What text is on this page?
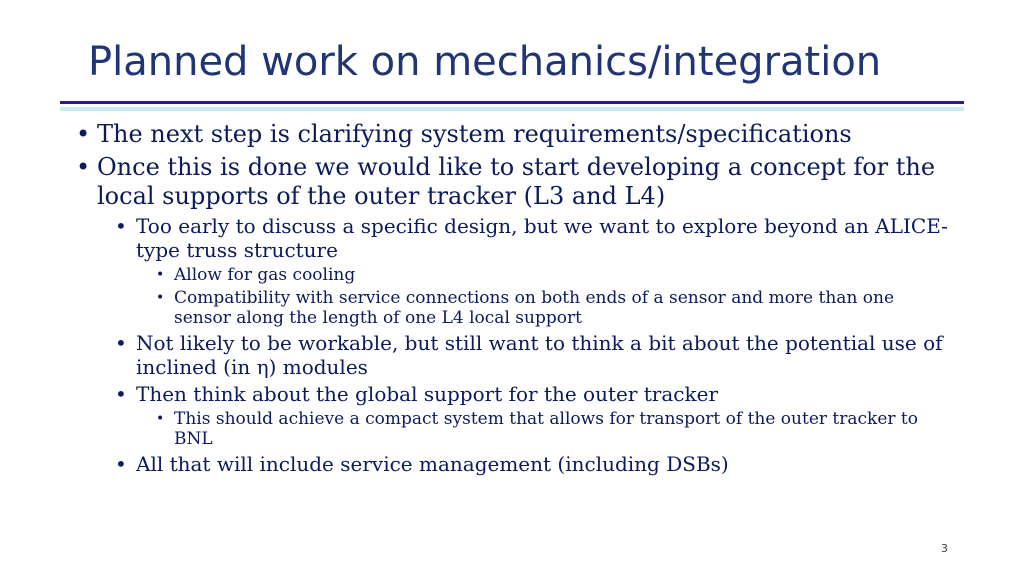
Planned work on mechanics/integration
• The next step is clarifying system requirements/specifications
• Once this is done we would like to start developing a concept for the local supports of the outer tracker (L3 and L4)
• Too early to discuss a specific design, but we want to explore beyond an ALICE-type truss structure
• Allow for gas cooling
• Compatibility with service connections on both ends of a sensor and more than one sensor along the length of one L4 local support
• Not likely to be workable, but still want to think a bit about the potential use of inclined (in η) modules
• Then think about the global support for the outer tracker
• This should achieve a compact system that allows for transport of the outer tracker to BNL
• All that will include service management (including DSBs)
3
